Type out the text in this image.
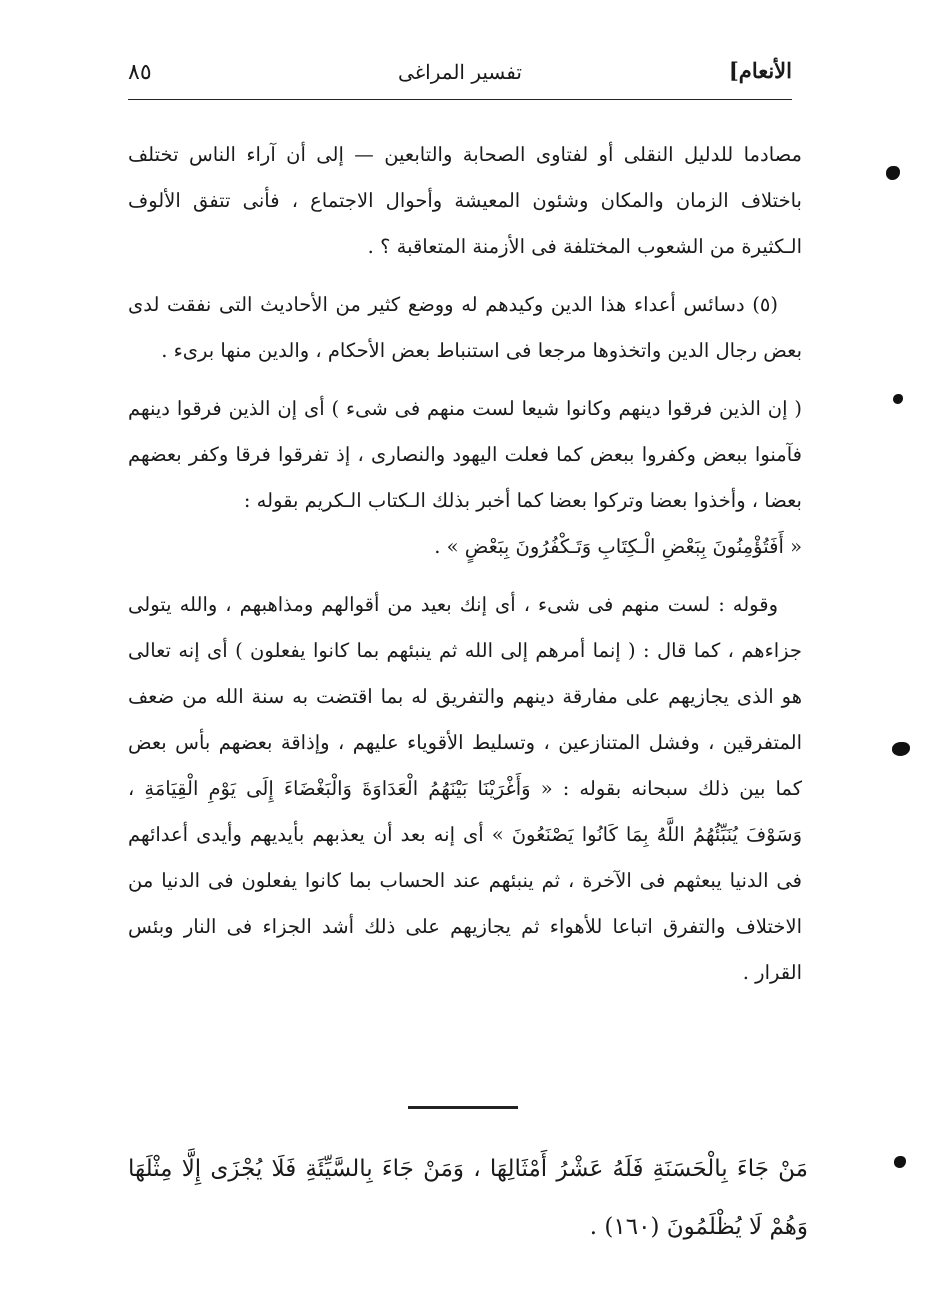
الأنعام]
تفسير المراغى
٨٥

مصادما للدليل النقلى أو لفتاوى الصحابة والتابعين — إلى أن آراء الناس تختلف باختلاف الزمان والمكان وشئون المعيشة وأحوال الاجتماع ، فأنى تتفق الألوف الـكثيرة من الشعوب المختلفة فى الأزمنة المتعاقبة ؟ .

(٥) دسائس أعداء هذا الدين وكيدهم له ووضع كثير من الأحاديث التى نفقت لدى بعض رجال الدين واتخذوها مرجعا فى استنباط بعض الأحكام ، والدين منها برىء .

( إن الذين فرقوا دينهم وكانوا شيعا لست منهم فى شىء ) أى إن الذين فرقوا دينهم فآمنوا ببعض وكفروا ببعض كما فعلت اليهود والنصارى ، إذ تفرقوا فرقا وكفر بعضهم بعضا ، وأخذوا بعضا وتركوا بعضا كما أخبر بذلك الـكتاب الـكريم بقوله :

« أَفَتُؤْمِنُونَ بِبَعْضِ الْـكِتَابِ وَتَـكْفُرُونَ بِبَعْضٍ » .

وقوله : لست منهم فى شىء ، أى إنك بعيد من أقوالهم ومذاهبهم ، والله يتولى جزاءهم ، كما قال : ( إنما أمرهم إلى الله ثم ينبئهم بما كانوا يفعلون ) أى إنه تعالى هو الذى يجازيهم على مفارقة دينهم والتفريق له بما اقتضت به سنة الله من ضعف المتفرقين ، وفشل المتنازعين ، وتسليط الأقوياء عليهم ، وإذاقة بعضهم بأس بعض كما بين ذلك سبحانه بقوله : « وَأَغْرَيْنَا بَيْنَهُمُ الْعَدَاوَةَ وَالْبَغْضَاءَ إِلَى يَوْمِ الْقِيَامَةِ ، وَسَوْفَ يُنَبِّئُهُمُ اللَّهُ بِمَا كَانُوا يَصْنَعُونَ » أى إنه بعد أن يعذبهم بأيديهم وأيدى أعدائهم فى الدنيا يبعثهم فى الآخرة ، ثم ينبئهم عند الحساب بما كانوا يفعلون فى الدنيا من الاختلاف والتفرق اتباعا للأهواء ثم يجازيهم على ذلك أشد الجزاء فى النار وبئس القرار .

مَنْ جَاءَ بِالْحَسَنَةِ فَلَهُ عَشْرُ أَمْثَالِهَا ، وَمَنْ جَاءَ بِالسَّيِّئَةِ فَلَا يُجْزَى إِلَّا مِثْلَهَا وَهُمْ لَا يُظْلَمُونَ (١٦٠) .
